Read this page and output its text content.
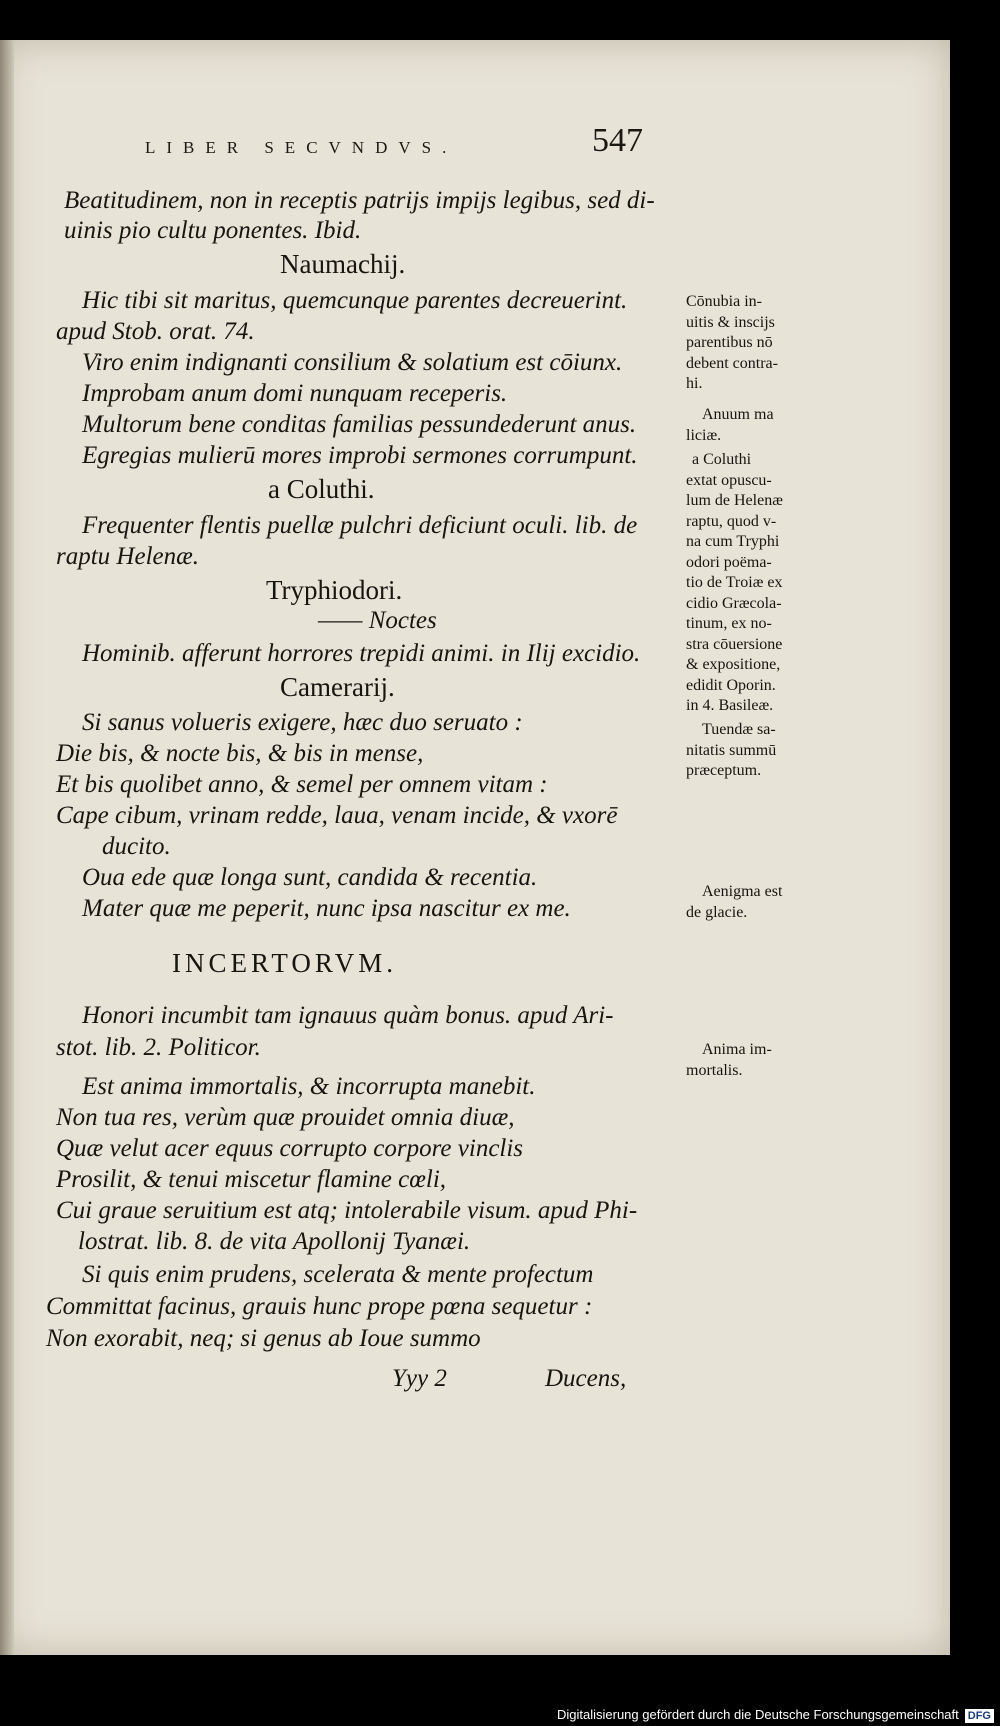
LIBER SECVNDVS.	547
Beatitudinem, non in receptis patrijs impijs legibus, sed di-
uinis pio cultu ponentes. Ibid.
Naumachij.
Hic tibi sit maritus, quemcunque parentes decreuerint.
apud Stob. orat. 74.
Viro enim indignanti consilium & solatium est cōiunx.
Improbam anum domi nunquam receperis.
Multorum bene conditas familias pessundederunt anus.
Egregias mulierū mores improbi sermones corrumpunt.
a Coluthi.
Frequenter flentis puellæ pulchri deficiunt oculi. lib. de
raptu Helenæ.
Tryphiodori.
—— Noctes
Hominib. afferunt horrores trepidi animi. in Ilij excidio.
Camerarij.
Si sanus volueris exigere, hæc duo seruato :
Die bis, & nocte bis, & bis in mense,
Et bis quolibet anno, & semel per omnem vitam :
Cape cibum, vrinam redde, laua, venam incide, & vxorē
ducito.
Oua ede quæ longa sunt, candida & recentia.
Mater quæ me peperit, nunc ipsa nascitur ex me.
INCERTORVM.
Honori incumbit tam ignauus quàm bonus. apud Ari-
stot. lib. 2. Politicor.
Est anima immortalis, & incorrupta manebit.
Non tua res, verùm quæ prouidet omnia diuæ,
Quæ velut acer equus corrupto corpore vinclis
Prosilit, & tenui miscetur flamine cœli,
Cui graue seruitium est atq; intolerabile visum. apud Phi-
lostrat. lib. 8. de vita Apollonij Tyanæi.
Si quis enim prudens, scelerata & mente profectum
Committat facinus, grauis hunc prope pœna sequetur :
Non exorabit, neq; si genus ab Ioue summo
Yyy 2	Ducens,
Cōnubia in-
uitis & inscijs
parentibus nō
debent contra-
hi.
Anuum ma
liciæ.
a Coluthi
extat opuscu-
lum de Helenæ
raptu, quod v-
na cum Tryphi
odori poëma-
tio de Troiæ ex
cidio Græcola-
tinum, ex no-
stra cōuersione
& expositione,
edidit Oporin.
in 4. Basileæ.
Tuendæ sa-
nitatis summū
præceptum.
Aenigma est
de glacie.
Anima im-
mortalis.
Digitalisierung gefördert durch die Deutsche Forschungsgemeinschaft DFG
